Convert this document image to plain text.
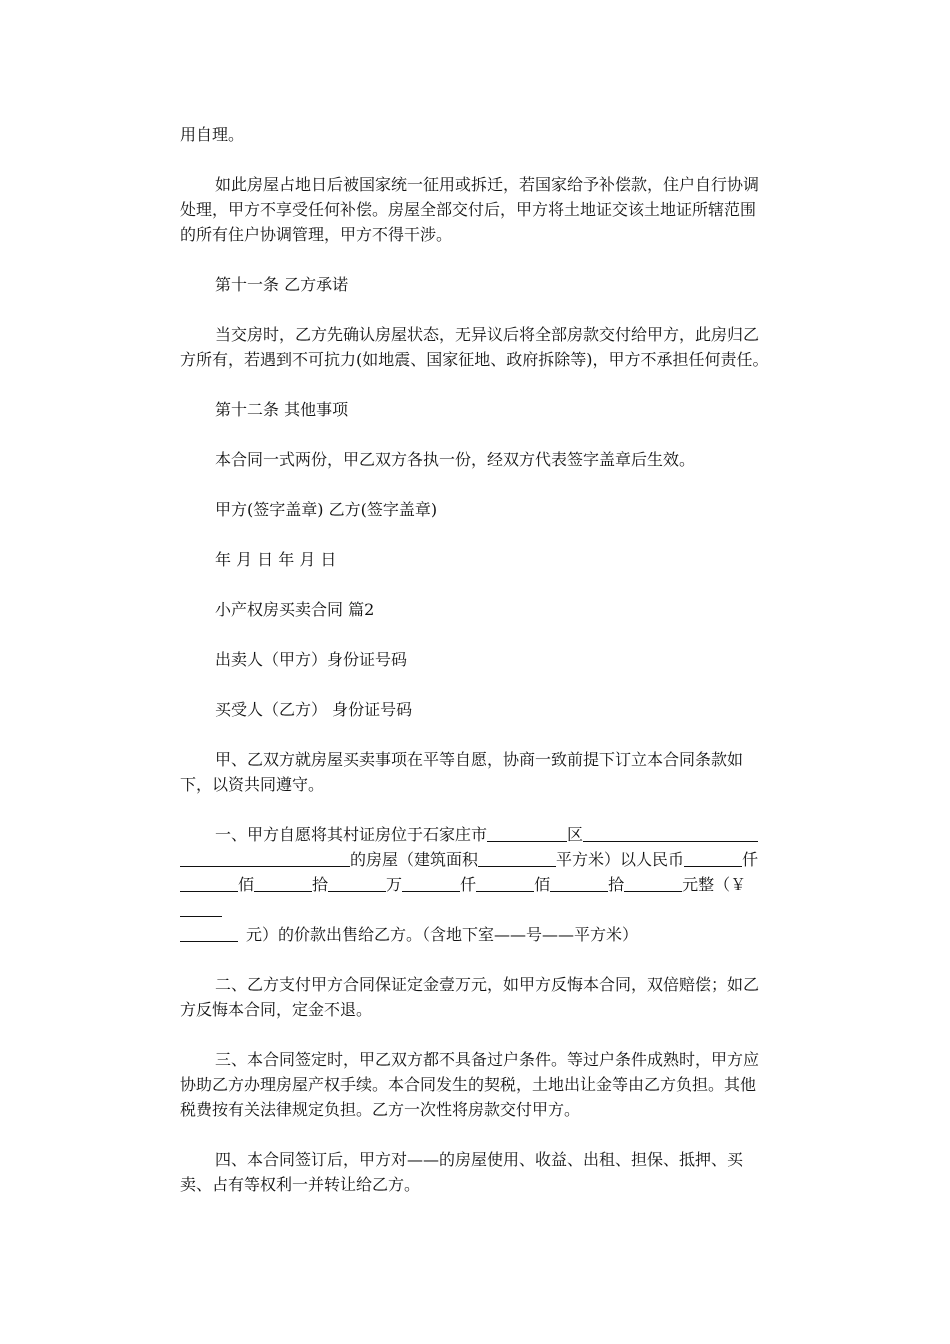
用自理。

如此房屋占地日后被国家统一征用或拆迁，若国家给予补偿款，住户自行协调处理，甲方不享受任何补偿。房屋全部交付后，甲方将土地证交该土地证所辖范围的所有住户协调管理，甲方不得干涉。

第十一条 乙方承诺

当交房时，乙方先确认房屋状态，无异议后将全部房款交付给甲方，此房归乙方所有，若遇到不可抗力(如地震、国家征地、政府拆除等)，甲方不承担任何责任。

第十二条 其他事项

本合同一式两份，甲乙双方各执一份，经双方代表签字盖章后生效。

甲方(签字盖章) 乙方(签字盖章)

年 月 日 年 月 日

小产权房买卖合同 篇2

出卖人（甲方）身份证号码

买受人（乙方） 身份证号码

甲、乙双方就房屋买卖事项在平等自愿，协商一致前提下订立本合同条款如下，以资共同遵守。

一、甲方自愿将其村证房位于石家庄市	区
的房屋（建筑面积	平方米）以人民币	仟
佰	拾	万	仟	佰	拾	元整（￥
元）的价款出售给乙方。（含地下室——号——平方米）

二、乙方支付甲方合同保证定金壹万元，如甲方反悔本合同，双倍赔偿；如乙方反悔本合同，定金不退。

三、本合同签定时，甲乙双方都不具备过户条件。等过户条件成熟时，甲方应协助乙方办理房屋产权手续。本合同发生的契税，土地出让金等由乙方负担。其他税费按有关法律规定负担。乙方一次性将房款交付甲方。

四、本合同签订后，甲方对——的房屋使用、收益、出租、担保、抵押、买卖、占有等权利一并转让给乙方。
